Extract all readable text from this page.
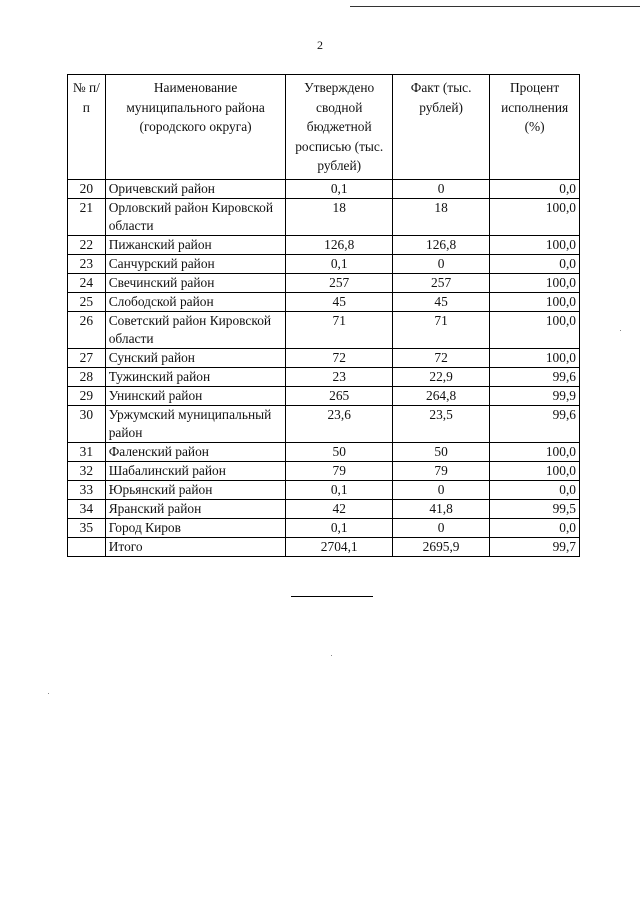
2
№ п/п	Наименование муниципального района (городского округа)	Утверждено сводной бюджетной росписью (тыс. рублей)	Факт (тыс. рублей)	Процент исполнения (%)
20	Оричевский район	0,1	0	0,0
21	Орловский район Кировской области	18	18	100,0
22	Пижанский район	126,8	126,8	100,0
23	Санчурский район	0,1	0	0,0
24	Свечинский район	257	257	100,0
25	Слободской район	45	45	100,0
26	Советский район Кировской области	71	71	100,0
27	Сунский район	72	72	100,0
28	Тужинский район	23	22,9	99,6
29	Унинский район	265	264,8	99,9
30	Уржумский муниципальный район	23,6	23,5	99,6
31	Фаленский район	50	50	100,0
32	Шабалинский район	79	79	100,0
33	Юрьянский район	0,1	0	0,0
34	Яранский район	42	41,8	99,5
35	Город Киров	0,1	0	0,0
	Итого	2704,1	2695,9	99,7
